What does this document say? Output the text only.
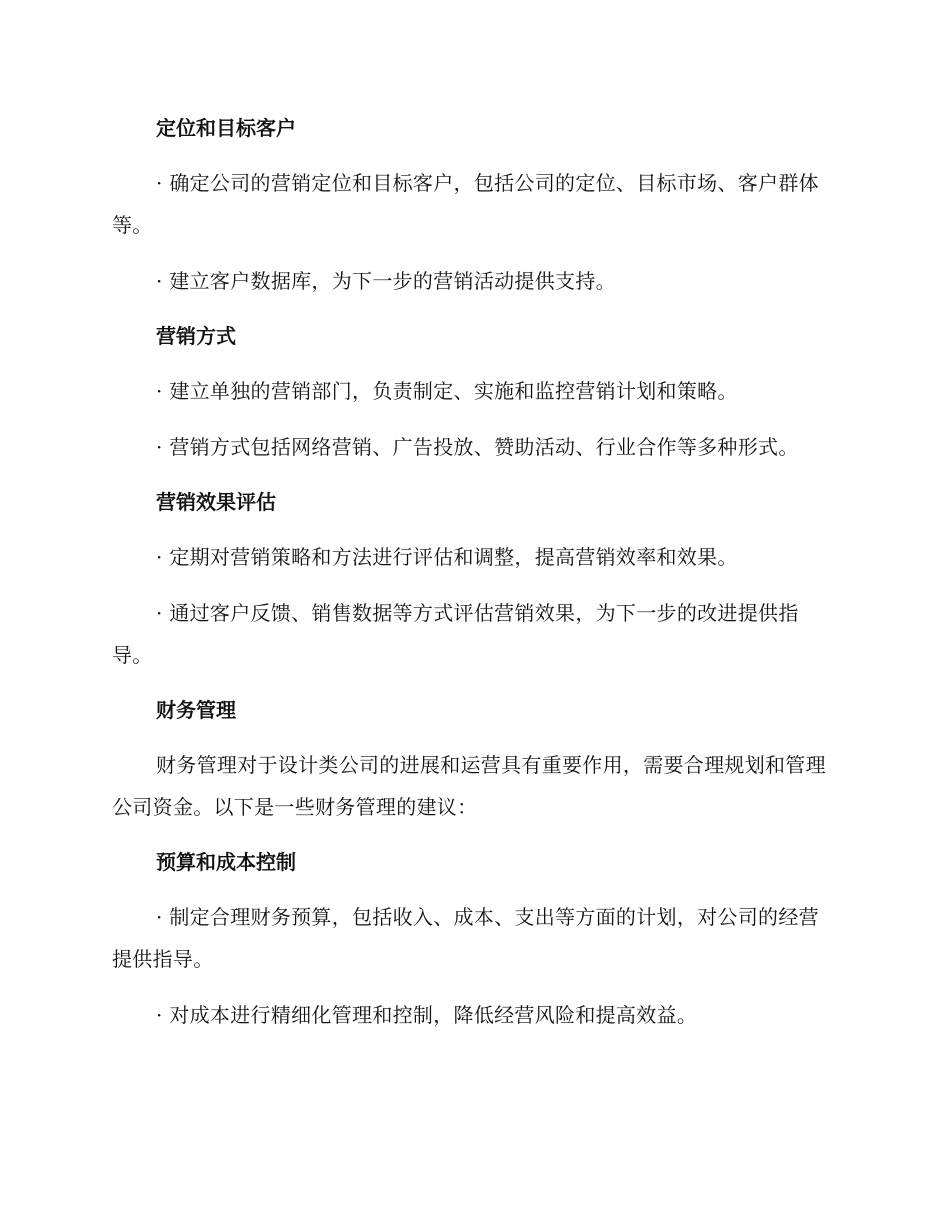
定位和目标客户
· 确定公司的营销定位和目标客户，包括公司的定位、目标市场、客户群体等。
· 建立客户数据库，为下一步的营销活动提供支持。
营销方式
· 建立单独的营销部门，负责制定、实施和监控营销计划和策略。
· 营销方式包括网络营销、广告投放、赞助活动、行业合作等多种形式。
营销效果评估
· 定期对营销策略和方法进行评估和调整，提高营销效率和效果。
· 通过客户反馈、销售数据等方式评估营销效果，为下一步的改进提供指导。
财务管理
财务管理对于设计类公司的进展和运营具有重要作用，需要合理规划和管理公司资金。以下是一些财务管理的建议：
预算和成本控制
· 制定合理财务预算，包括收入、成本、支出等方面的计划，对公司的经营提供指导。
· 对成本进行精细化管理和控制，降低经营风险和提高效益。
